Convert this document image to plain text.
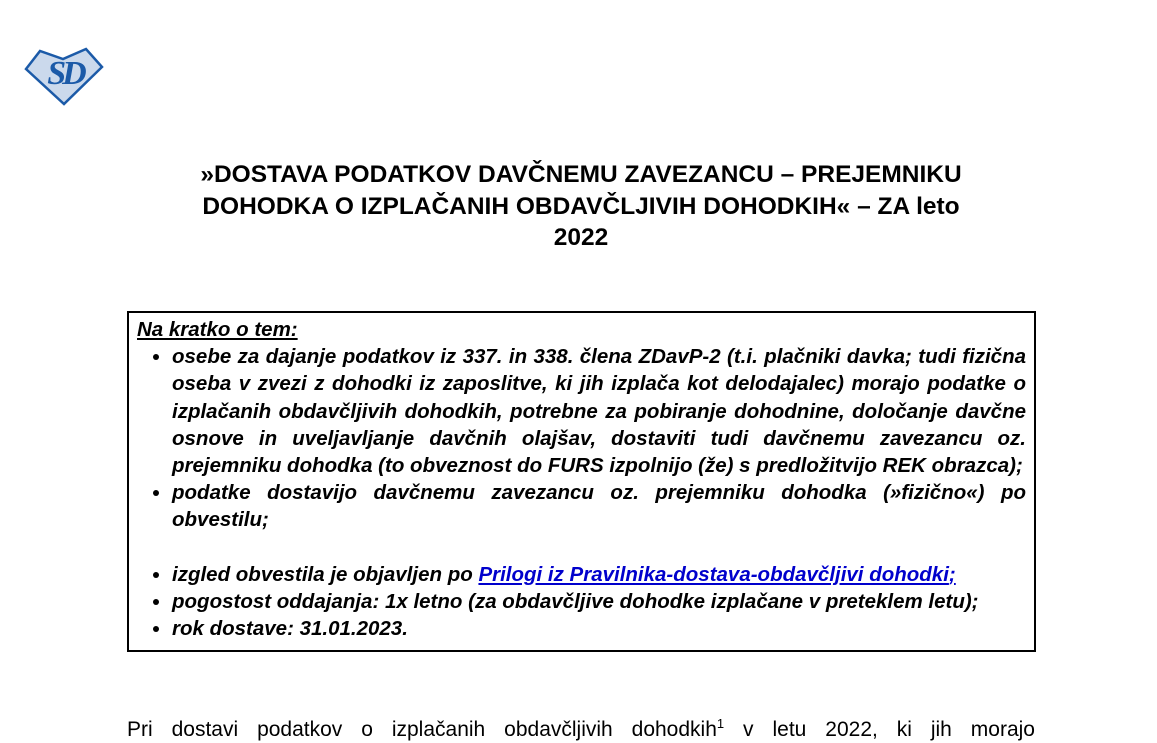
SD
»DOSTAVA PODATKOV DAVČNEMU ZAVEZANCU – PREJEMNIKU
DOHODKA O IZPLAČANIH OBDAVČLJIVIH DOHODKIH« – ZA leto
2022
Na kratko o tem:
• osebe za dajanje podatkov iz 337. in 338. člena ZDavP-2 (t.i. plačniki davka; tudi fizična oseba v zvezi z dohodki iz zaposlitve, ki jih izplača kot delodajalec) morajo podatke o izplačanih obdavčljivih dohodkih, potrebne za pobiranje dohodnine, določanje davčne osnove in uveljavljanje davčnih olajšav, dostaviti tudi davčnemu zavezancu oz. prejemniku dohodka (to obveznost do FURS izpolnijo (že) s predložitvijo REK obrazca);
• podatke dostavijo davčnemu zavezancu oz. prejemniku dohodka (»fizično«) po obvestilu;
• izgled obvestila je objavljen po Prilogi iz Pravilnika-dostava-obdavčljivi dohodki;
• pogostost oddajanja: 1x letno (za obdavčljive dohodke izplačane v preteklem letu);
• rok dostave: 31.01.2023.

Pri dostavi podatkov o izplačanih obdavčljivih dohodkih$^1$ v letu 2022, ki jih morajo
